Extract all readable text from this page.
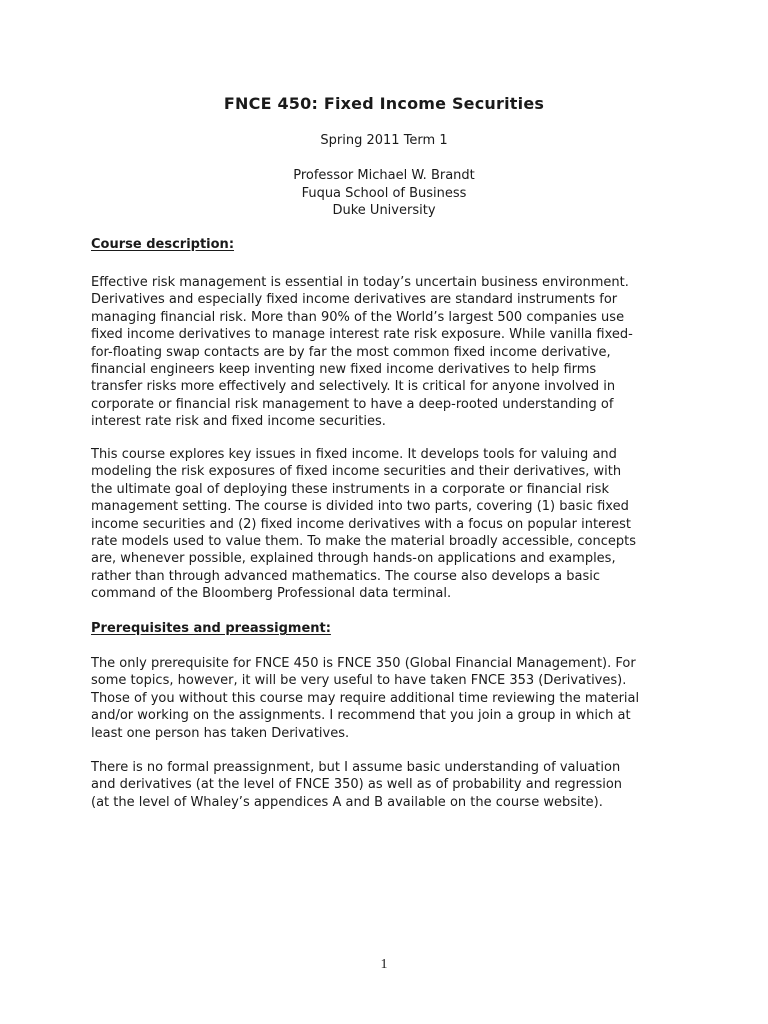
FNCE 450: Fixed Income Securities
Spring 2011 Term 1
Professor Michael W. Brandt
Fuqua School of Business
Duke University
Course description:
Effective risk management is essential in today’s uncertain business environment.
Derivatives and especially fixed income derivatives are standard instruments for
managing financial risk. More than 90% of the World’s largest 500 companies use
fixed income derivatives to manage interest rate risk exposure. While vanilla fixed-
for-floating swap contacts are by far the most common fixed income derivative,
financial engineers keep inventing new fixed income derivatives to help firms
transfer risks more effectively and selectively. It is critical for anyone involved in
corporate or financial risk management to have a deep-rooted understanding of
interest rate risk and fixed income securities.
This course explores key issues in fixed income. It develops tools for valuing and
modeling the risk exposures of fixed income securities and their derivatives, with
the ultimate goal of deploying these instruments in a corporate or financial risk
management setting. The course is divided into two parts, covering (1) basic fixed
income securities and (2) fixed income derivatives with a focus on popular interest
rate models used to value them. To make the material broadly accessible, concepts
are, whenever possible, explained through hands-on applications and examples,
rather than through advanced mathematics. The course also develops a basic
command of the Bloomberg Professional data terminal.
Prerequisites and preassigment:
The only prerequisite for FNCE 450 is FNCE 350 (Global Financial Management). For
some topics, however, it will be very useful to have taken FNCE 353 (Derivatives).
Those of you without this course may require additional time reviewing the material
and/or working on the assignments. I recommend that you join a group in which at
least one person has taken Derivatives.
There is no formal preassignment, but I assume basic understanding of valuation
and derivatives (at the level of FNCE 350) as well as of probability and regression
(at the level of Whaley’s appendices A and B available on the course website).
1
